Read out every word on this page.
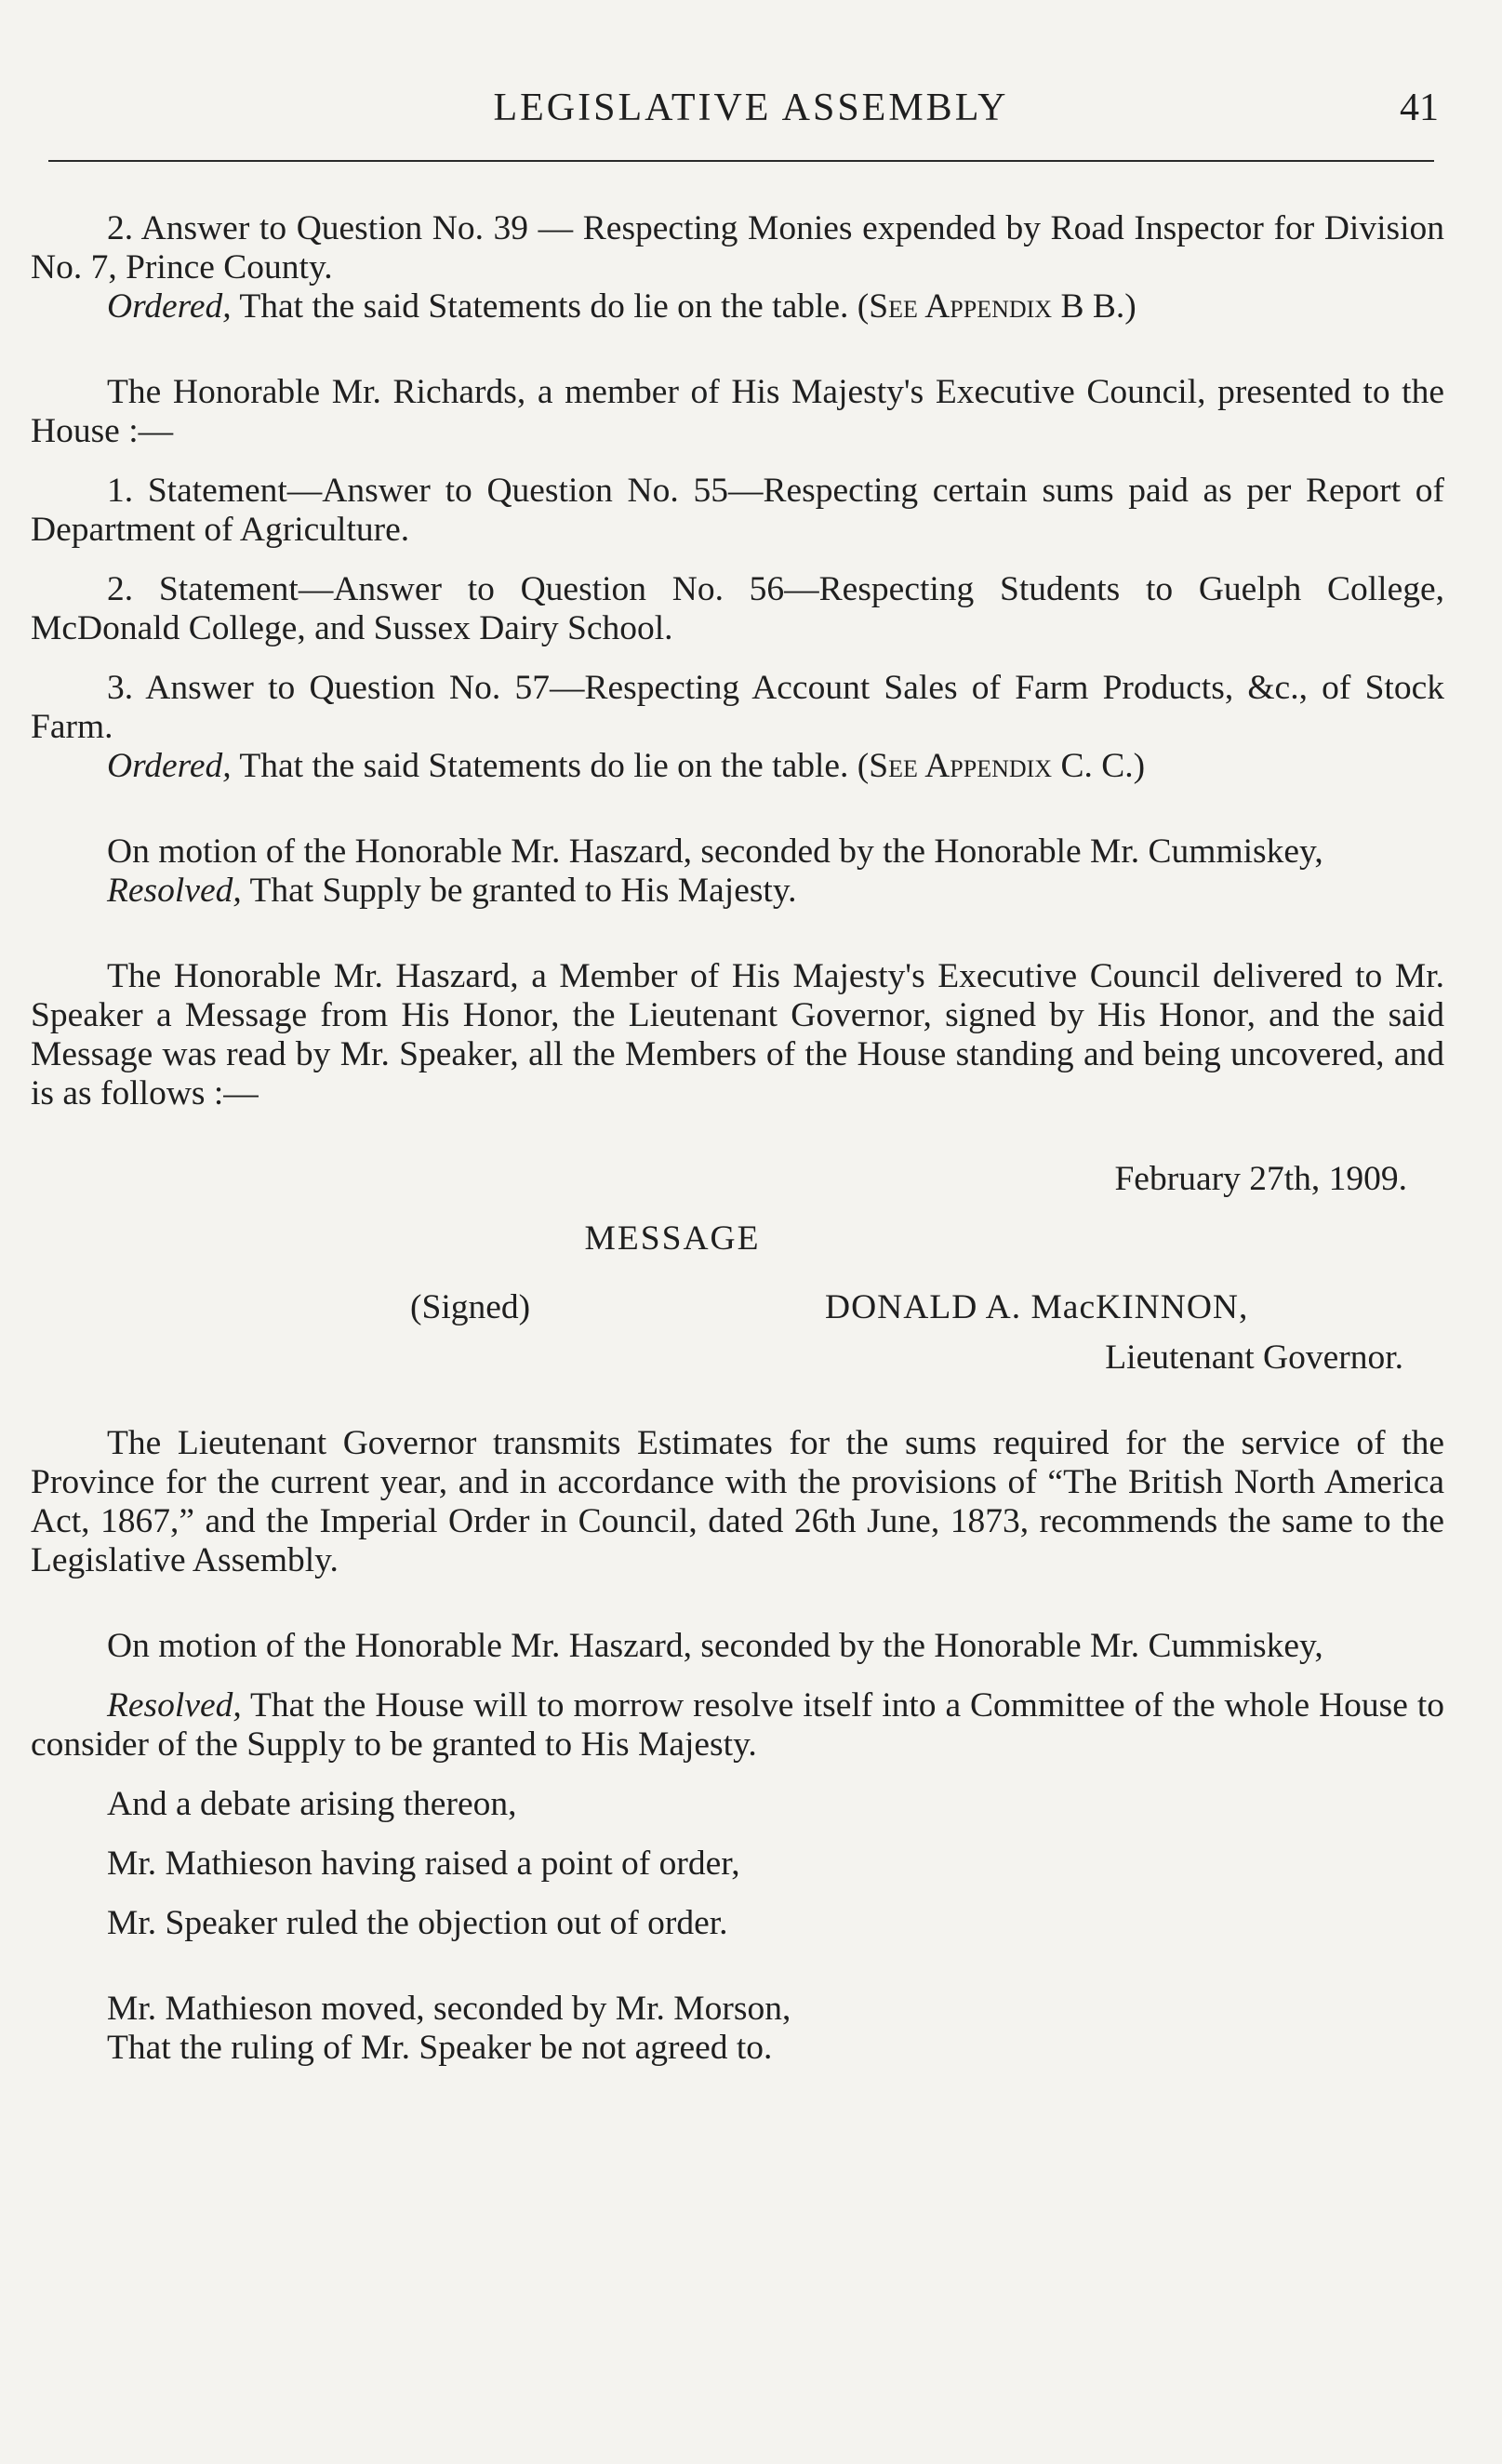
LEGISLATIVE ASSEMBLY	41

2. Answer to Question No. 39 — Respecting Monies expended by Road Inspector for Division No. 7, Prince County.

Ordered, That the said Statements do lie on the table. (See Appendix B B.)

The Honorable Mr. Richards, a member of His Majesty's Executive Council, presented to the House :—

1. Statement—Answer to Question No. 55—Respecting certain sums paid as per Report of Department of Agriculture.

2. Statement—Answer to Question No. 56—Respecting Students to Guelph College, McDonald College, and Sussex Dairy School.

3. Answer to Question No. 57—Respecting Account Sales of Farm Products, &c., of Stock Farm.

Ordered, That the said Statements do lie on the table. (See Appendix C. C.)

On motion of the Honorable Mr. Haszard, seconded by the Honorable Mr. Cummiskey,

Resolved, That Supply be granted to His Majesty.

The Honorable Mr. Haszard, a Member of His Majesty's Executive Council delivered to Mr. Speaker a Message from His Honor, the Lieutenant Governor, signed by His Honor, and the said Message was read by Mr. Speaker, all the Members of the House standing and being uncovered, and is as follows :—

February 27th, 1909.

MESSAGE

(Signed)	DONALD A. MacKINNON,

Lieutenant Governor.

The Lieutenant Governor transmits Estimates for the sums required for the service of the Province for the current year, and in accordance with the provisions of “The British North America Act, 1867,” and the Imperial Order in Council, dated 26th June, 1873, recommends the same to the Legislative Assembly.

On motion of the Honorable Mr. Haszard, seconded by the Honorable Mr. Cummiskey,

Resolved, That the House will to morrow resolve itself into a Committee of the whole House to consider of the Supply to be granted to His Majesty.

And a debate arising thereon,

Mr. Mathieson having raised a point of order,

Mr. Speaker ruled the objection out of order.

Mr. Mathieson moved, seconded by Mr. Morson,

That the ruling of Mr. Speaker be not agreed to.
